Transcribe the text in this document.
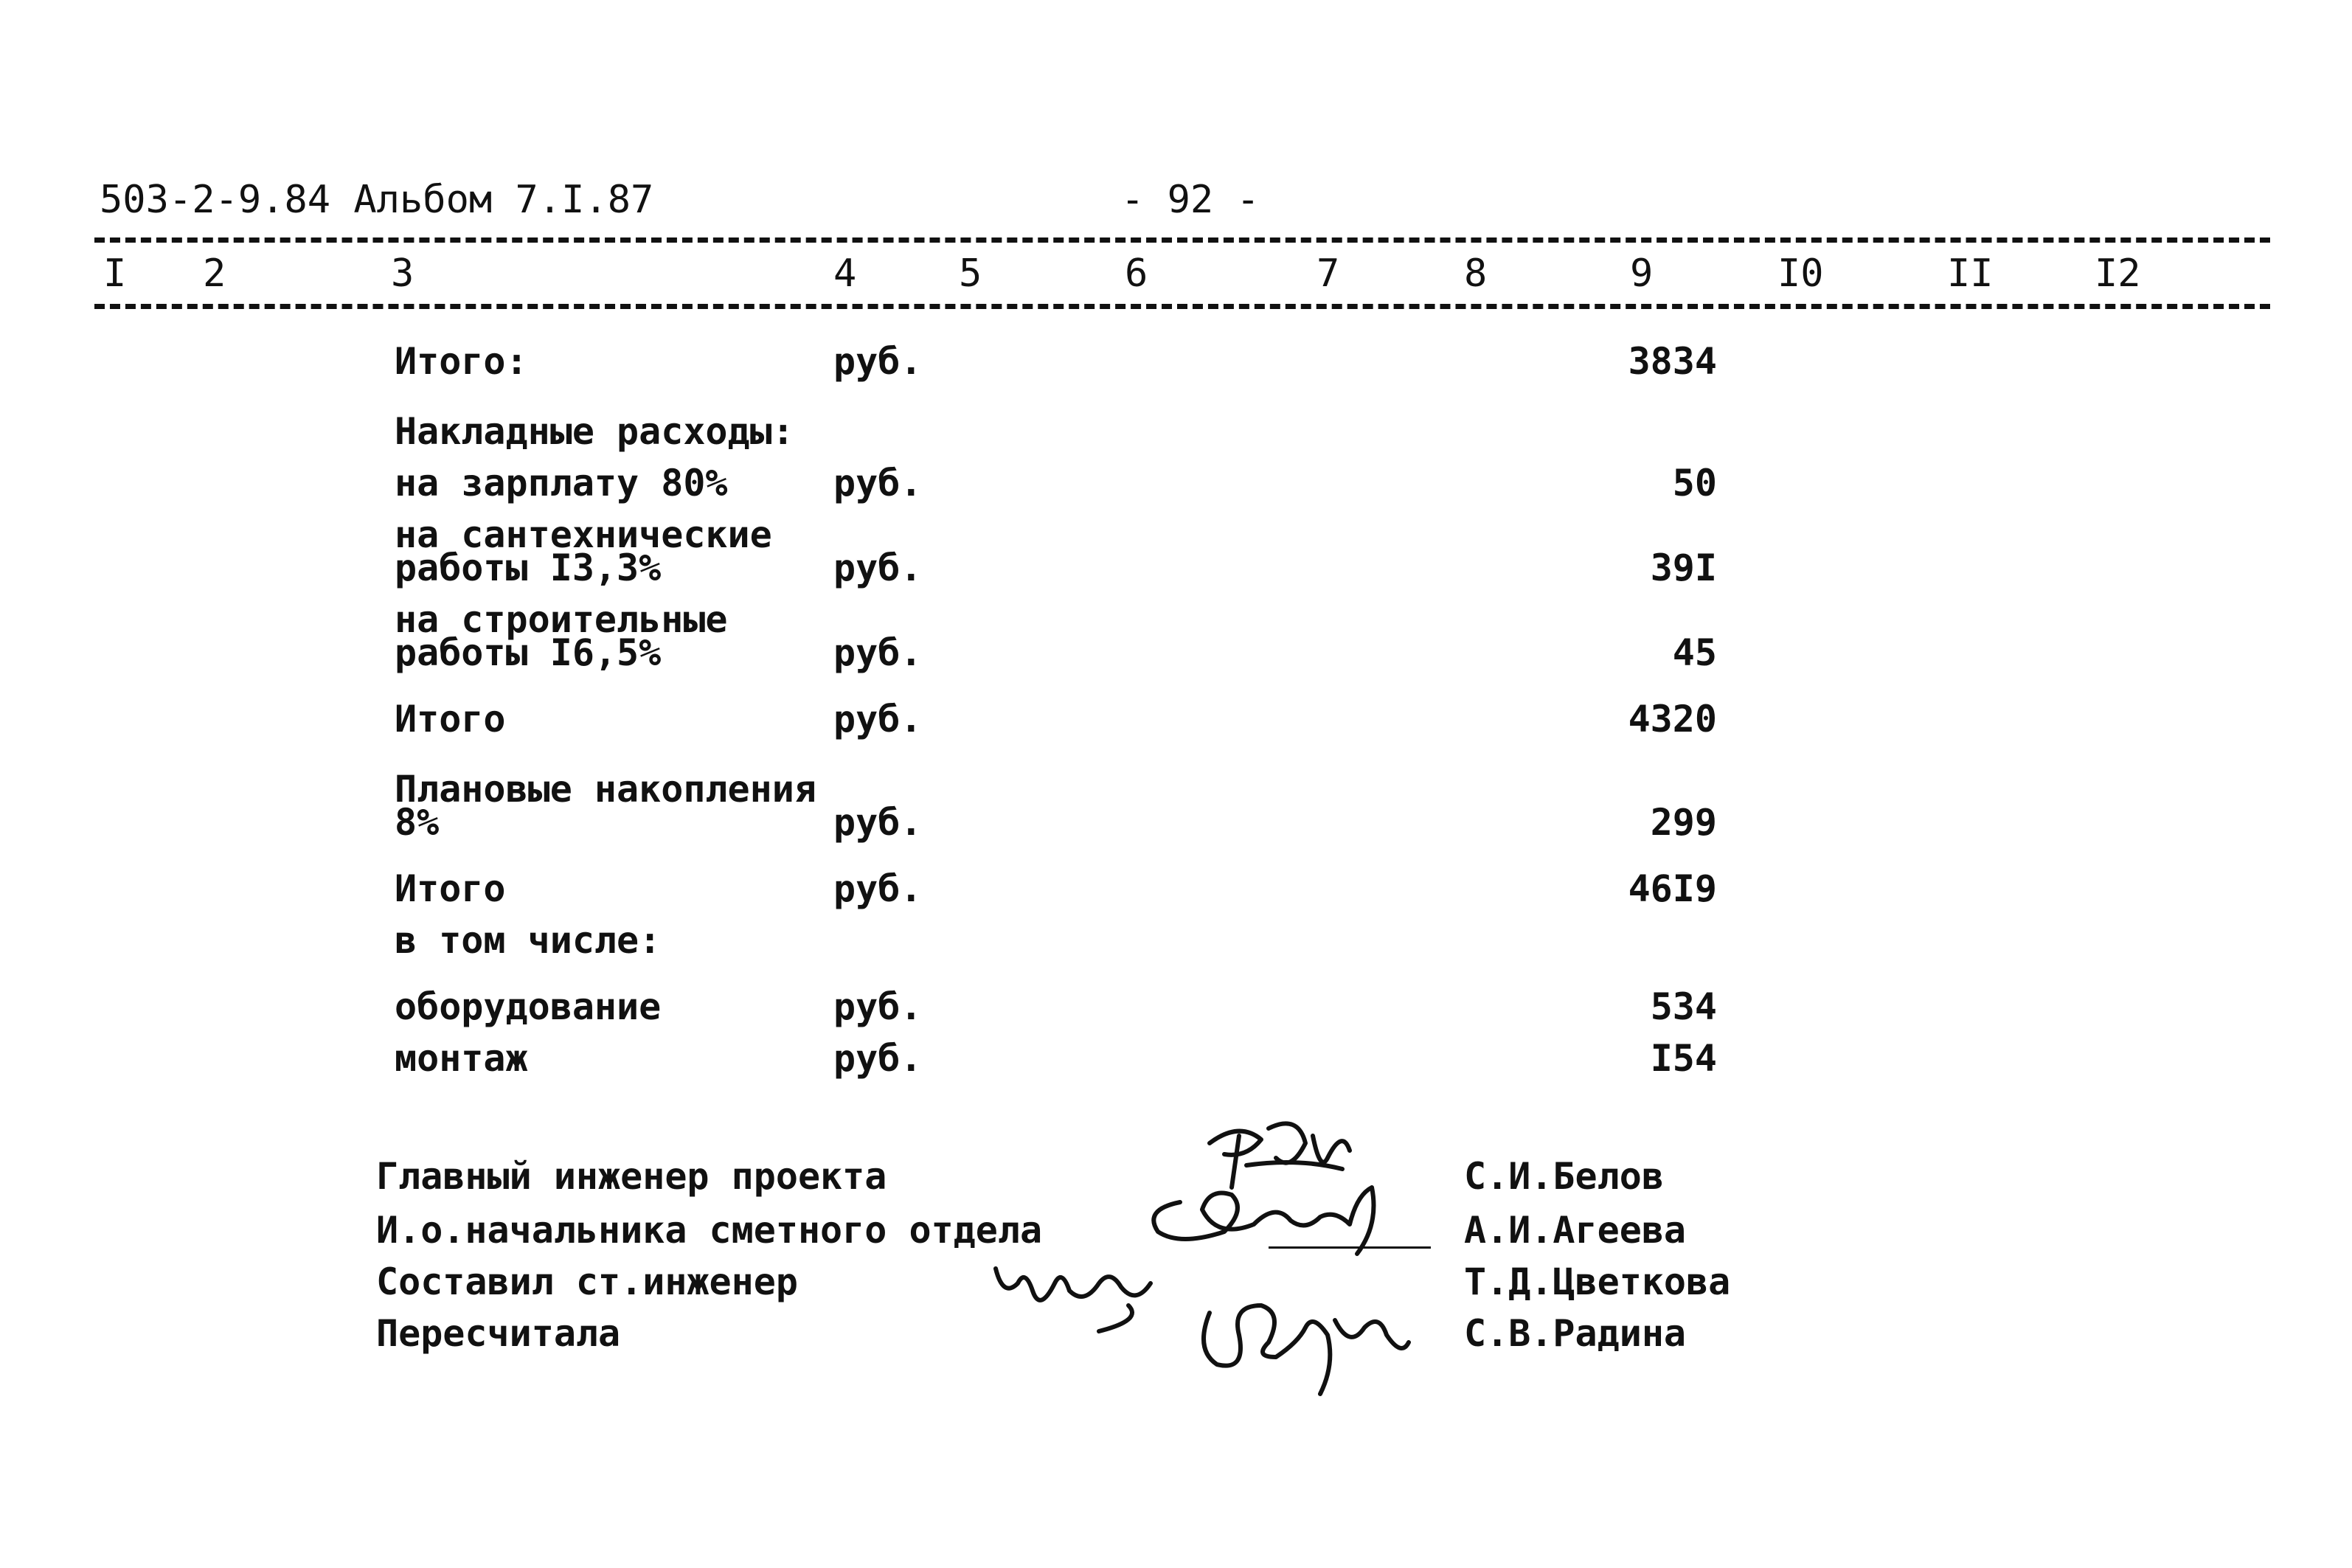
503-2-9.84 Альбом 7.I.87	- 92 -
I 2	3	4	5	6	7	8	9	I0	II	I2
Итого:	руб.	3834
Накладные расходы:
на зарплату 80%	руб.	50
на сантехнические
работы I3,3%	руб.	39I
на строительные
работы I6,5%	руб.	45
Итого	руб.	4320
Плановые накопления
8%	руб.	299
Итого	руб.	46I9
в том числе:
оборудование	руб.	534
монтаж	руб.	I54
Главный инженер проекта	С.И.Белов
И.о.начальника сметного отдела	А.И.Агеева
Составил ст.инженер	Т.Д.Цветкова
Пересчитала	С.В.Радина
